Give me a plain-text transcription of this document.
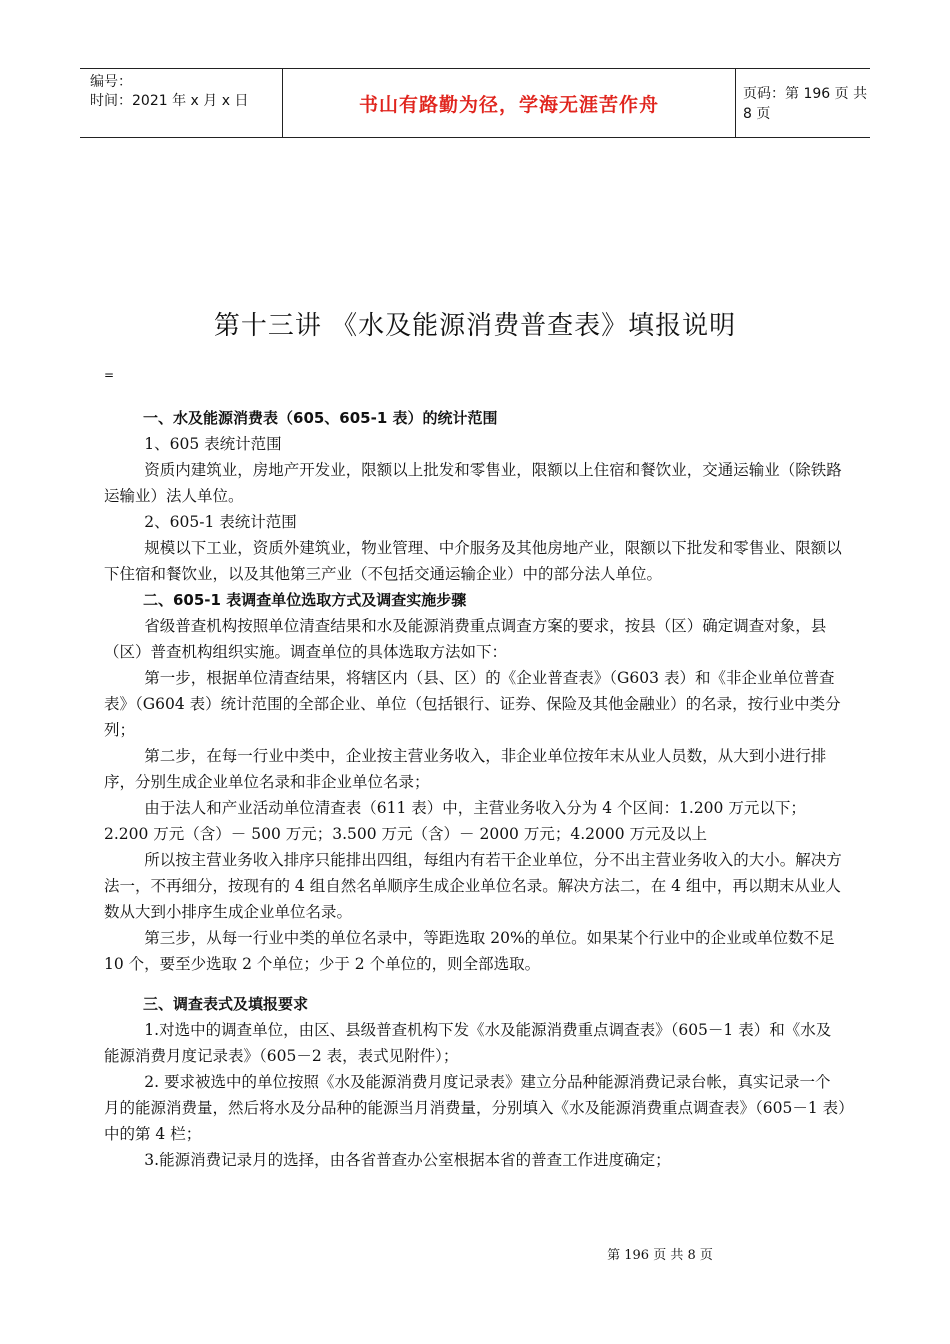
编号：
时间：2021 年 x 月 x 日	书山有路勤为径，学海无涯苦作舟	页码：第 196 页 共 8 页
第十三讲 《水及能源消费普查表》填报说明
=

一、水及能源消费表（605、605-1 表）的统计范围

1、605 表统计范围

资质内建筑业，房地产开发业，限额以上批发和零售业，限额以上住宿和餐饮业，交通运输业（除铁路运输业）法人单位。

2、605-1 表统计范围

规模以下工业，资质外建筑业，物业管理、中介服务及其他房地产业，限额以下批发和零售业、限额以下住宿和餐饮业，以及其他第三产业（不包括交通运输企业）中的部分法人单位。

二、605-1 表调查单位选取方式及调查实施步骤

省级普查机构按照单位清查结果和水及能源消费重点调查方案的要求，按县（区）确定调查对象，县（区）普查机构组织实施。调查单位的具体选取方法如下：

第一步，根据单位清查结果，将辖区内（县、区）的《企业普查表》（G603 表）和《非企业单位普查表》（G604 表）统计范围的全部企业、单位（包括银行、证券、保险及其他金融业）的名录，按行业中类分列；

第二步，在每一行业中类中，企业按主营业务收入，非企业单位按年末从业人员数，从大到小进行排序，分别生成企业单位名录和非企业单位名录；

由于法人和产业活动单位清查表（611 表）中，主营业务收入分为 4 个区间：1.200 万元以下；2.200 万元（含）－ 500 万元；3.500 万元（含）－ 2000 万元；4.2000 万元及以上

所以按主营业务收入排序只能排出四组，每组内有若干企业单位，分不出主营业务收入的大小。解决方法一，不再细分，按现有的 4 组自然名单顺序生成企业单位名录。解决方法二，在 4 组中，再以期末从业人数从大到小排序生成企业单位名录。

第三步，从每一行业中类的单位名录中，等距选取 20%的单位。如果某个行业中的企业或单位数不足 10 个，要至少选取 2 个单位；少于 2 个单位的，则全部选取。

三、调查表式及填报要求

1.对选中的调查单位，由区、县级普查机构下发《水及能源消费重点调查表》（605－1 表）和《水及能源消费月度记录表》（605－2 表，表式见附件）；

2. 要求被选中的单位按照《水及能源消费月度记录表》建立分品种能源消费记录台帐，真实记录一个月的能源消费量，然后将水及分品种的能源当月消费量，分别填入《水及能源消费重点调查表》（605－1 表）中的第 4 栏；

3.能源消费记录月的选择，由各省普查办公室根据本省的普查工作进度确定；

第 196 页 共 8 页
